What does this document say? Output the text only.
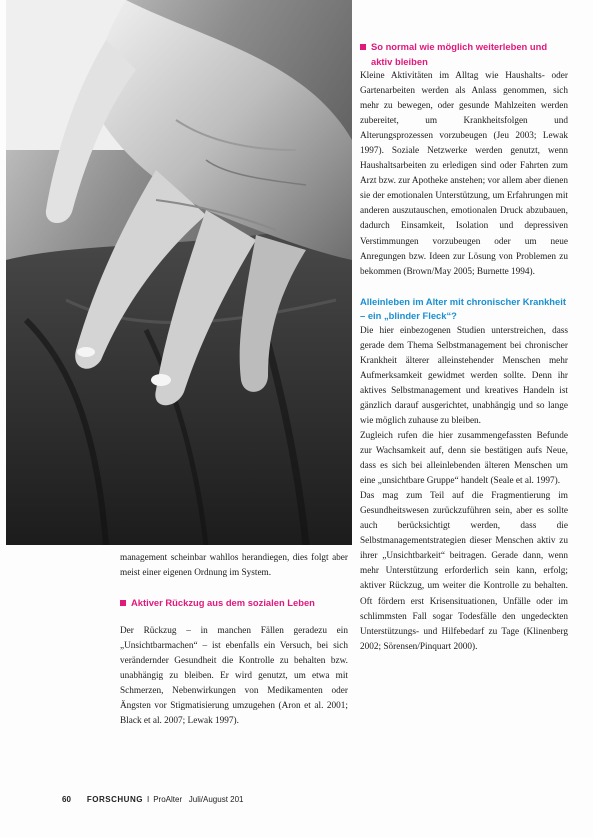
management scheinbar wahllos herandiegen, dies folgt aber meist einer eigenen Ordnung im System.

Aktiver Rückzug aus dem sozialen Leben

Der Rückzug – in manchen Fällen geradezu ein „Unsichtbarmachen“ – ist ebenfalls ein Versuch, bei sich verändernder Gesundheit die Kontrolle zu behalten bzw. unabhängig zu bleiben. Er wird genutzt, um etwa mit Schmerzen, Nebenwirkungen von Medikamenten oder Ängsten vor Stigmatisierung umzugehen (Aron et al. 2001; Black et al. 2007; Lewak 1997).

So normal wie möglich weiterleben und aktiv bleiben

Kleine Aktivitäten im Alltag wie Haushalts- oder Gartenarbeiten werden als Anlass genommen, sich mehr zu bewegen, oder gesunde Mahlzeiten werden zubereitet, um Krankheitsfolgen und Alterungsprozessen vorzubeugen (Jeu 2003; Lewak 1997). Soziale Netzwerke werden genutzt, wenn Haushaltsarbeiten zu erledigen sind oder Fahrten zum Arzt bzw. zur Apotheke anstehen; vor allem aber dienen sie der emotionalen Unterstützung, um Erfahrungen mit anderen auszutauschen, emotionalen Druck abzubauen, dadurch Einsamkeit, Isolation und depressiven Verstimmungen vorzubeugen oder um neue Anregungen bzw. Ideen zur Lösung von Problemen zu bekommen (Brown/May 2005; Burnette 1994).

Alleinleben im Alter mit chronischer Krankheit – ein „blinder Fleck“?

Die hier einbezogenen Studien unterstreichen, dass gerade dem Thema Selbstmanagement bei chronischer Krankheit älterer alleinstehender Menschen mehr Aufmerksamkeit gewidmet werden sollte. Denn ihr aktives Selbstmanagement und kreatives Handeln ist gänzlich darauf ausgerichtet, unabhängig und so lange wie möglich zuhause zu bleiben.

Zugleich rufen die hier zusammengefassten Befunde zur Wachsamkeit auf, denn sie bestätigen aufs Neue, dass es sich bei alleinlebenden älteren Menschen um eine „unsichtbare Gruppe“ handelt (Seale et al. 1997).

Das mag zum Teil auf die Fragmentierung im Gesundheitswesen zurückzuführen sein, aber es sollte auch berücksichtigt werden, dass die Selbstmanagementstrategien dieser Menschen aktiv zu ihrer „Unsichtbarkeit“ beitragen. Gerade dann, wenn mehr Unterstützung erforderlich sein kann, erfolg; aktiver Rückzug, um weiter die Kontrolle zu behalten. Oft fördern erst Krisensituationen, Unfälle oder im schlimmsten Fall sogar Todesfälle den ungedeckten Unterstützungs- und Hilfebedarf zu Tage (Klinenberg 2002; Sörensen/Pinquart 2000).

60 FORSCHUNG I ProAlter Juli/August 201
